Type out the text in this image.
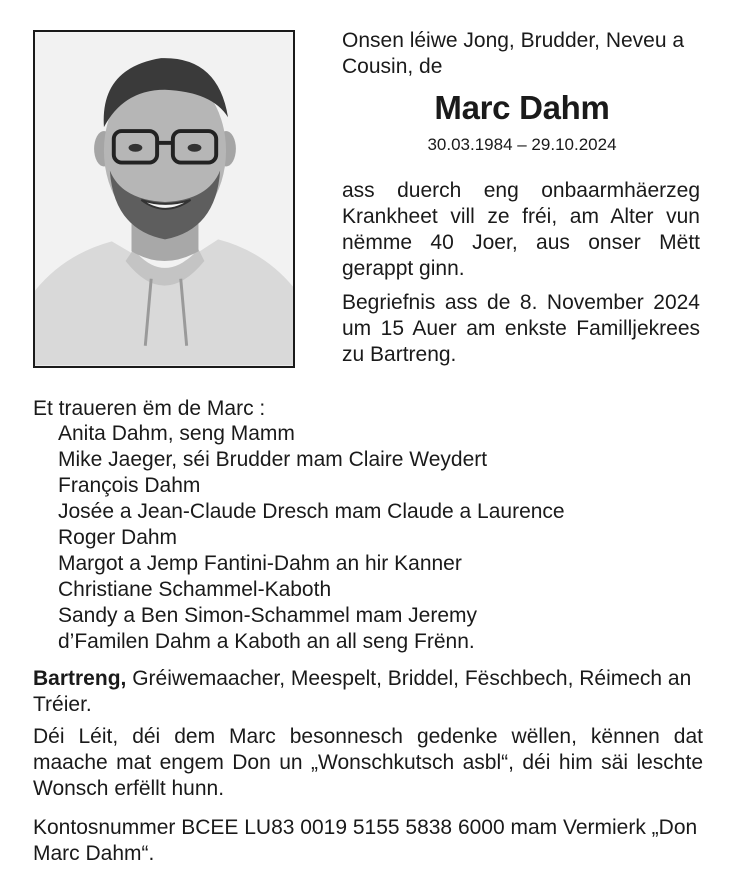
Onsen léiwe Jong, Brudder, Neveu a Cousin, de
Marc Dahm
30.03.1984 – 29.10.2024
ass duerch eng onbaarmhäerzeg Krankheet vill ze fréi, am Alter vun nëmme 40 Joer, aus onser Mëtt gerappt ginn.
Begriefnis ass de 8. November 2024 um 15 Auer am enkste Familljekrees zu Bartreng.
Et traueren ëm de Marc :
Anita Dahm, seng Mamm
Mike Jaeger, séi Brudder mam Claire Weydert
François Dahm
Josée a Jean-Claude Dresch mam Claude a Laurence
Roger Dahm
Margot a Jemp Fantini-Dahm an hir Kanner
Christiane Schammel-Kaboth
Sandy a Ben Simon-Schammel mam Jeremy
d’Familen Dahm a Kaboth an all seng Frënn.
Bartreng, Gréiwemaacher, Meespelt, Briddel, Fëschbech, Réimech an Tréier.
Déi Léit, déi dem Marc besonnesch gedenke wëllen, kënnen dat maache mat engem Don un „Wonschkutsch asbl“, déi him säi leschte Wonsch erfëllt hunn.
Kontosnummer BCEE LU83 0019 5155 5838 6000 mam Vermierk „Don Marc Dahm“.
